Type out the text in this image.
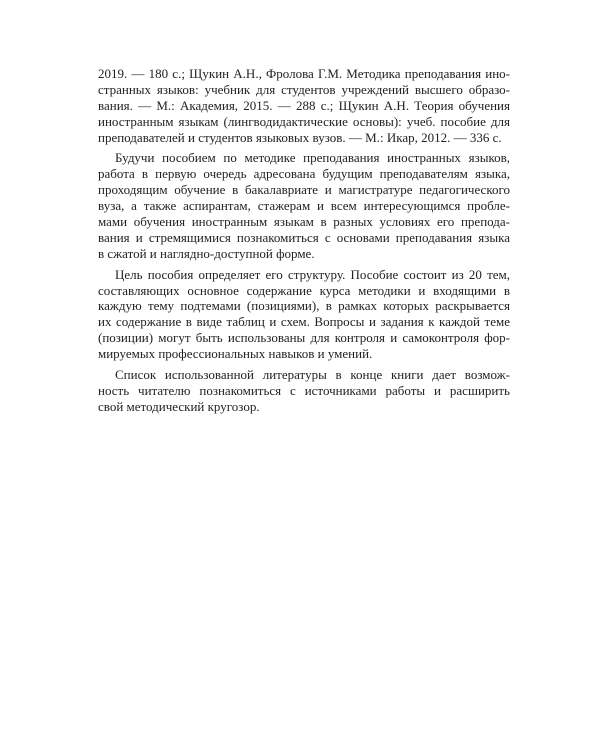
2019. — 180 с.; Щукин А.Н., Фролова Г.М. Методика преподавания ино-
странных языков: учебник для студентов учреждений высшего образо-
вания. — М.: Академия, 2015. — 288 с.; Щукин А.Н. Теория обучения
иностранным языкам (лингводидактические основы): учеб. пособие для
преподавателей и студентов языковых вузов. — М.: Икар, 2012. — 336 с.
Будучи пособием по методике преподавания иностранных языков,
работа в первую очередь адресована будущим преподавателям языка,
проходящим обучение в бакалавриате и магистратуре педагогического
вуза, а также аспирантам, стажерам и всем интересующимся пробле-
мами обучения иностранным языкам в разных условиях его препода-
вания и стремящимися познакомиться с основами преподавания языка
в сжатой и наглядно-доступной форме.
Цель пособия определяет его структуру. Пособие состоит из 20 тем,
составляющих основное содержание курса методики и входящими в
каждую тему подтемами (позициями), в рамках которых раскрывается
их содержание в виде таблиц и схем. Вопросы и задания к каждой теме
(позиции) могут быть использованы для контроля и самоконтроля фор-
мируемых профессиональных навыков и умений.
Список использованной литературы в конце книги дает возмож-
ность читателю познакомиться с источниками работы и расширить
свой методический кругозор.
